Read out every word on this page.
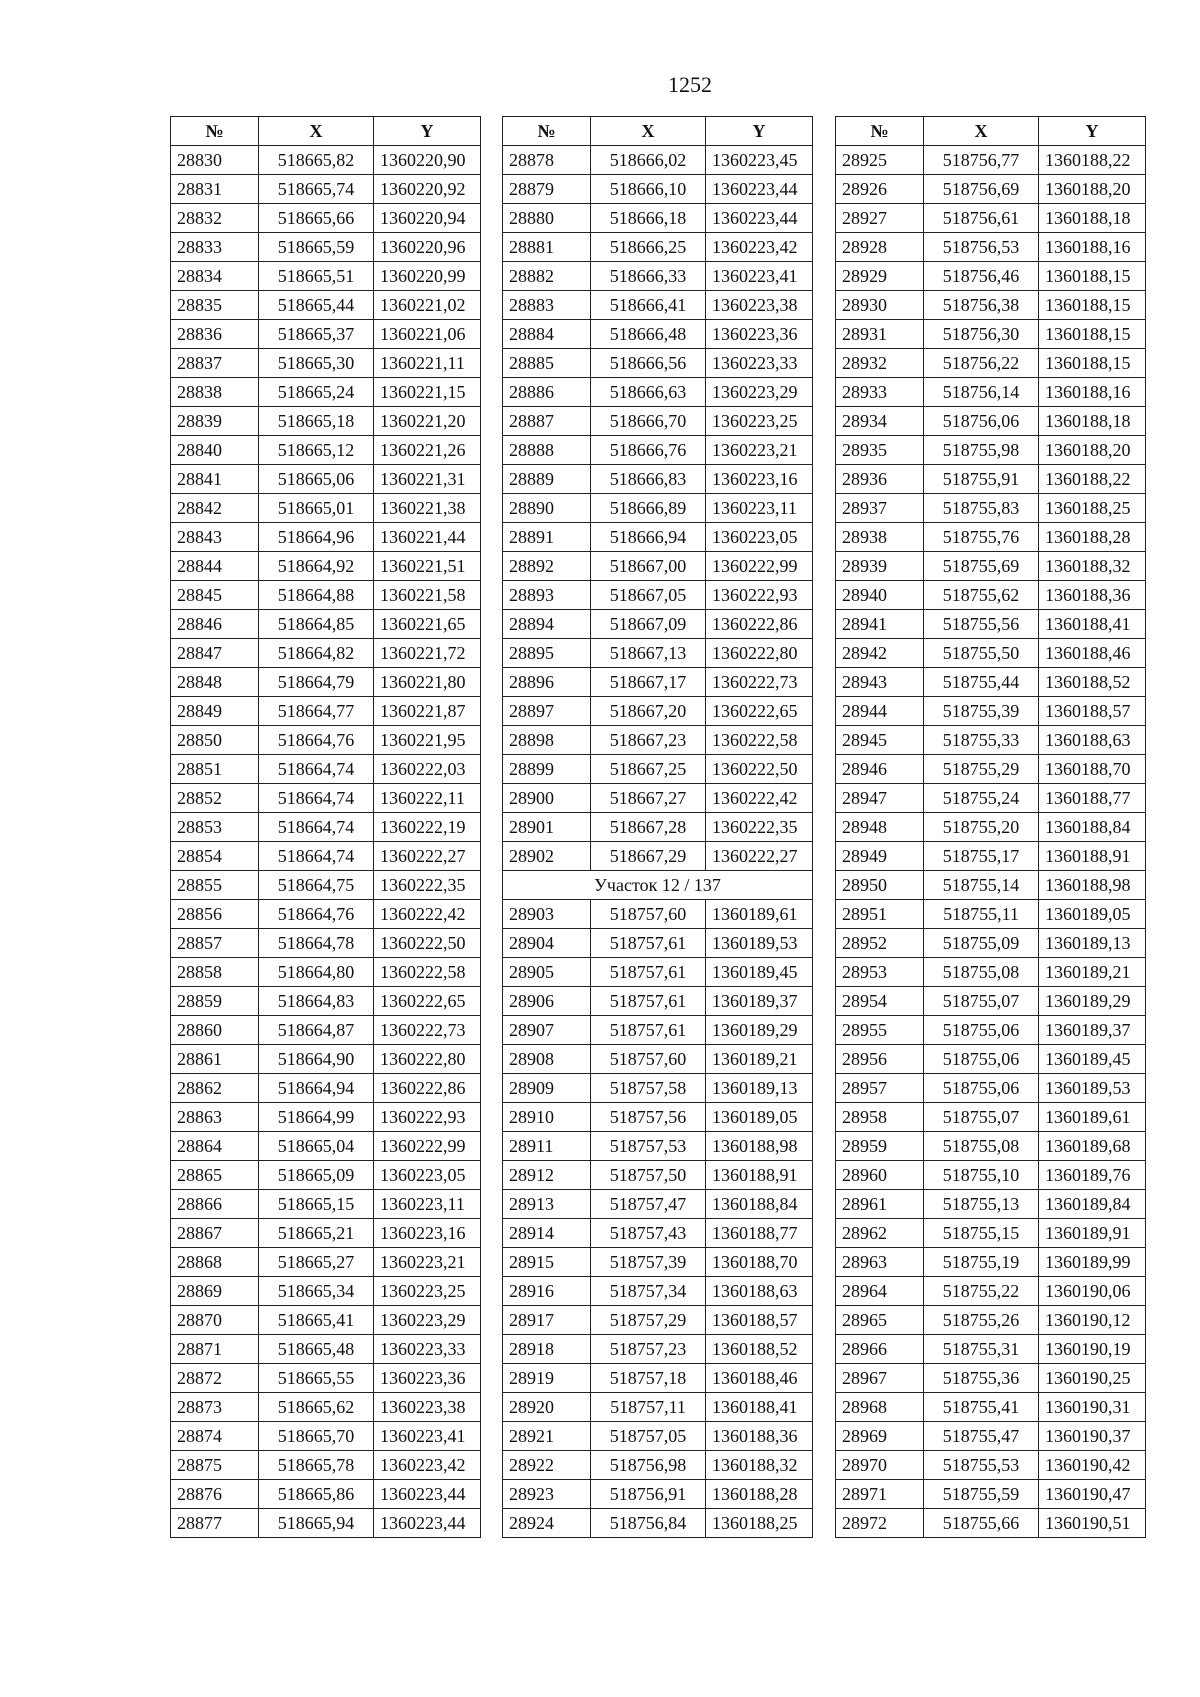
1252
№	X	Y
28830	518665,82	1360220,90
28831	518665,74	1360220,92
28832	518665,66	1360220,94
28833	518665,59	1360220,96
28834	518665,51	1360220,99
28835	518665,44	1360221,02
28836	518665,37	1360221,06
28837	518665,30	1360221,11
28838	518665,24	1360221,15
28839	518665,18	1360221,20
28840	518665,12	1360221,26
28841	518665,06	1360221,31
28842	518665,01	1360221,38
28843	518664,96	1360221,44
28844	518664,92	1360221,51
28845	518664,88	1360221,58
28846	518664,85	1360221,65
28847	518664,82	1360221,72
28848	518664,79	1360221,80
28849	518664,77	1360221,87
28850	518664,76	1360221,95
28851	518664,74	1360222,03
28852	518664,74	1360222,11
28853	518664,74	1360222,19
28854	518664,74	1360222,27
28855	518664,75	1360222,35
28856	518664,76	1360222,42
28857	518664,78	1360222,50
28858	518664,80	1360222,58
28859	518664,83	1360222,65
28860	518664,87	1360222,73
28861	518664,90	1360222,80
28862	518664,94	1360222,86
28863	518664,99	1360222,93
28864	518665,04	1360222,99
28865	518665,09	1360223,05
28866	518665,15	1360223,11
28867	518665,21	1360223,16
28868	518665,27	1360223,21
28869	518665,34	1360223,25
28870	518665,41	1360223,29
28871	518665,48	1360223,33
28872	518665,55	1360223,36
28873	518665,62	1360223,38
28874	518665,70	1360223,41
28875	518665,78	1360223,42
28876	518665,86	1360223,44
28877	518665,94	1360223,44
№	X	Y
28878	518666,02	1360223,45
28879	518666,10	1360223,44
28880	518666,18	1360223,44
28881	518666,25	1360223,42
28882	518666,33	1360223,41
28883	518666,41	1360223,38
28884	518666,48	1360223,36
28885	518666,56	1360223,33
28886	518666,63	1360223,29
28887	518666,70	1360223,25
28888	518666,76	1360223,21
28889	518666,83	1360223,16
28890	518666,89	1360223,11
28891	518666,94	1360223,05
28892	518667,00	1360222,99
28893	518667,05	1360222,93
28894	518667,09	1360222,86
28895	518667,13	1360222,80
28896	518667,17	1360222,73
28897	518667,20	1360222,65
28898	518667,23	1360222,58
28899	518667,25	1360222,50
28900	518667,27	1360222,42
28901	518667,28	1360222,35
28902	518667,29	1360222,27
Участок 12 / 137		
28903	518757,60	1360189,61
28904	518757,61	1360189,53
28905	518757,61	1360189,45
28906	518757,61	1360189,37
28907	518757,61	1360189,29
28908	518757,60	1360189,21
28909	518757,58	1360189,13
28910	518757,56	1360189,05
28911	518757,53	1360188,98
28912	518757,50	1360188,91
28913	518757,47	1360188,84
28914	518757,43	1360188,77
28915	518757,39	1360188,70
28916	518757,34	1360188,63
28917	518757,29	1360188,57
28918	518757,23	1360188,52
28919	518757,18	1360188,46
28920	518757,11	1360188,41
28921	518757,05	1360188,36
28922	518756,98	1360188,32
28923	518756,91	1360188,28
28924	518756,84	1360188,25
№	X	Y
28925	518756,77	1360188,22
28926	518756,69	1360188,20
28927	518756,61	1360188,18
28928	518756,53	1360188,16
28929	518756,46	1360188,15
28930	518756,38	1360188,15
28931	518756,30	1360188,15
28932	518756,22	1360188,15
28933	518756,14	1360188,16
28934	518756,06	1360188,18
28935	518755,98	1360188,20
28936	518755,91	1360188,22
28937	518755,83	1360188,25
28938	518755,76	1360188,28
28939	518755,69	1360188,32
28940	518755,62	1360188,36
28941	518755,56	1360188,41
28942	518755,50	1360188,46
28943	518755,44	1360188,52
28944	518755,39	1360188,57
28945	518755,33	1360188,63
28946	518755,29	1360188,70
28947	518755,24	1360188,77
28948	518755,20	1360188,84
28949	518755,17	1360188,91
28950	518755,14	1360188,98
28951	518755,11	1360189,05
28952	518755,09	1360189,13
28953	518755,08	1360189,21
28954	518755,07	1360189,29
28955	518755,06	1360189,37
28956	518755,06	1360189,45
28957	518755,06	1360189,53
28958	518755,07	1360189,61
28959	518755,08	1360189,68
28960	518755,10	1360189,76
28961	518755,13	1360189,84
28962	518755,15	1360189,91
28963	518755,19	1360189,99
28964	518755,22	1360190,06
28965	518755,26	1360190,12
28966	518755,31	1360190,19
28967	518755,36	1360190,25
28968	518755,41	1360190,31
28969	518755,47	1360190,37
28970	518755,53	1360190,42
28971	518755,59	1360190,47
28972	518755,66	1360190,51
